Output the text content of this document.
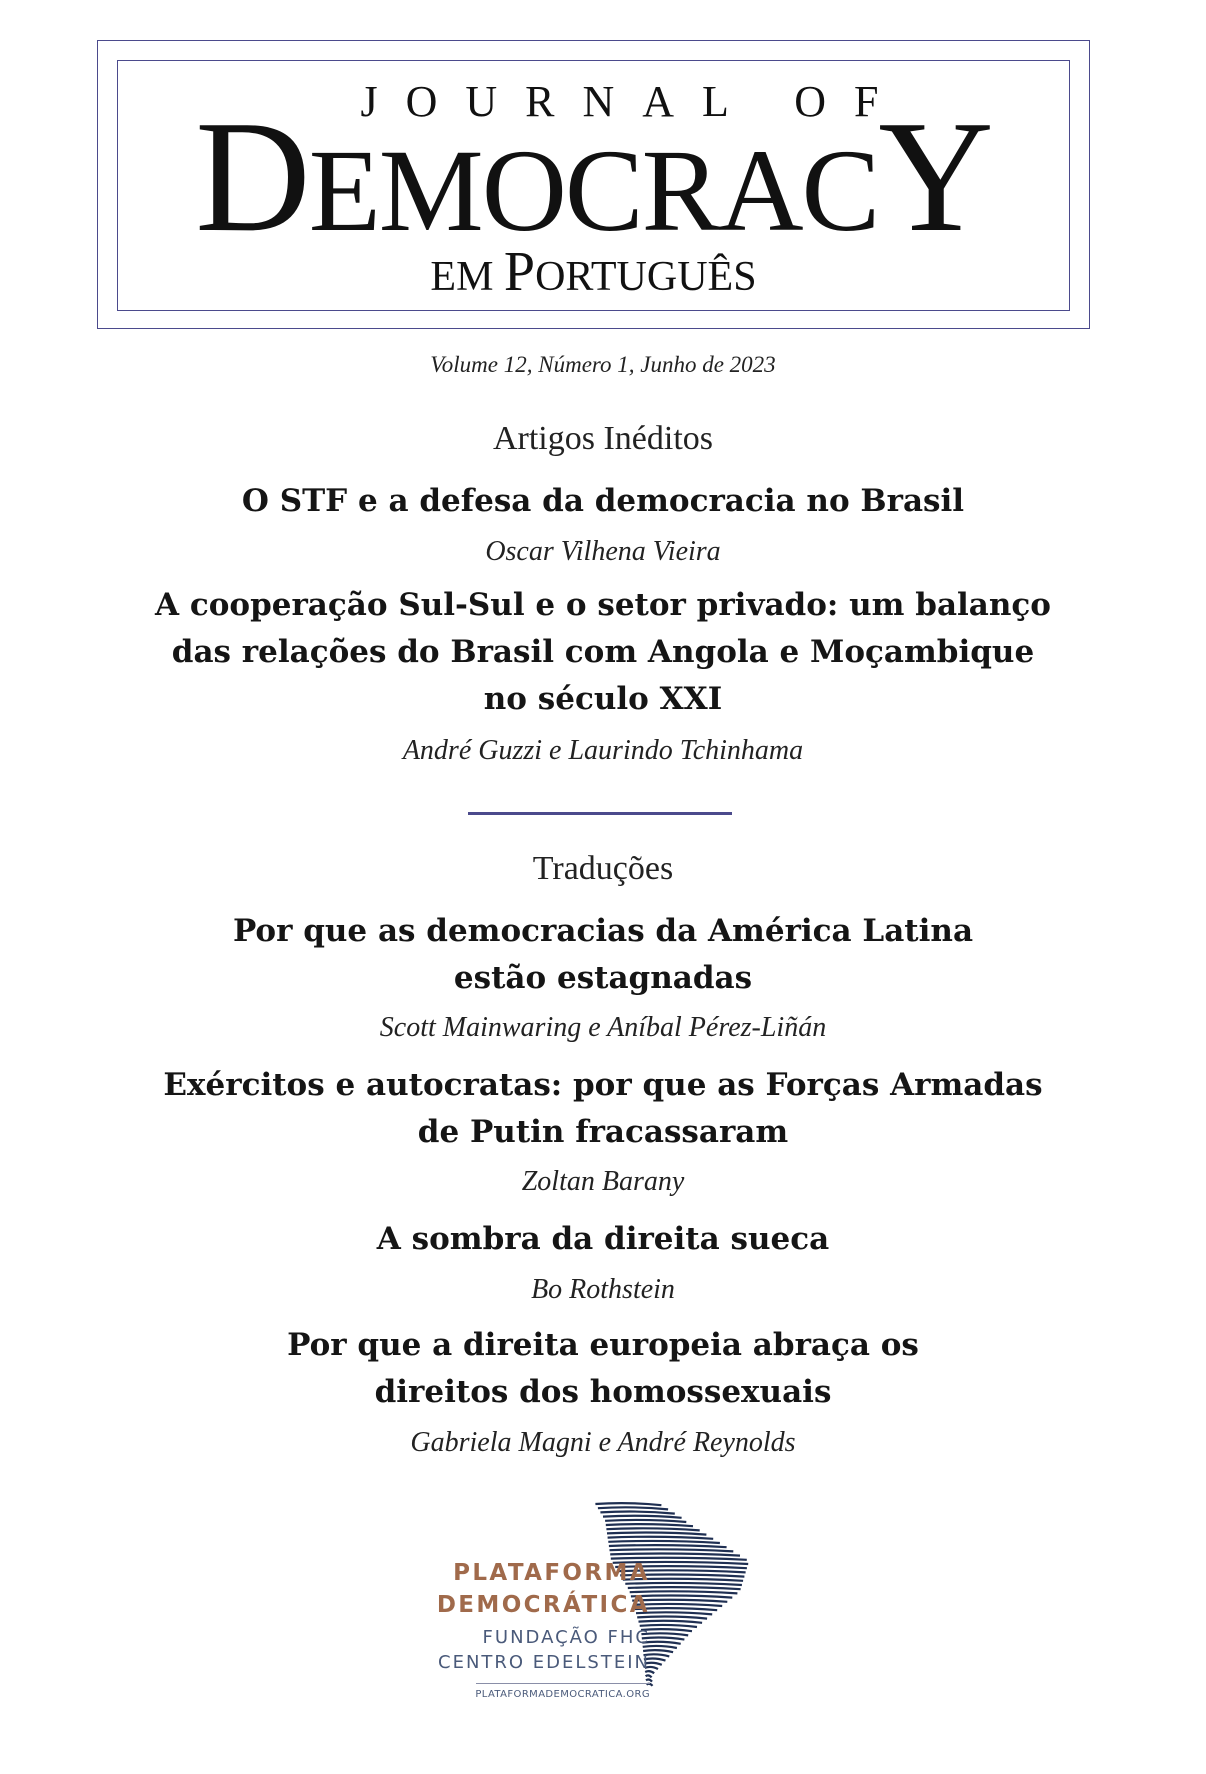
JOURNAL OF
DEMOCRACY
EM PORTUGUÊS
Volume 12, Número 1, Junho de 2023
Artigos Inéditos
O STF e a defesa da democracia no Brasil
Oscar Vilhena Vieira
A cooperação Sul-Sul e o setor privado: um balanço
das relações do Brasil com Angola e Moçambique
no século XXI
André Guzzi e Laurindo Tchinhama
Traduções
Por que as democracias da América Latina
estão estagnadas
Scott Mainwaring e Aníbal Pérez-Liñán
Exércitos e autocratas: por que as Forças Armadas
de Putin fracassaram
Zoltan Barany
A sombra da direita sueca
Bo Rothstein
Por que a direita europeia abraça os
direitos dos homossexuais
Gabriela Magni e André Reynolds
PLATAFORMA
DEMOCRÁTICA
FUNDAÇÃO FHC
CENTRO EDELSTEIN
PLATAFORMADEMOCRATICA.ORG
